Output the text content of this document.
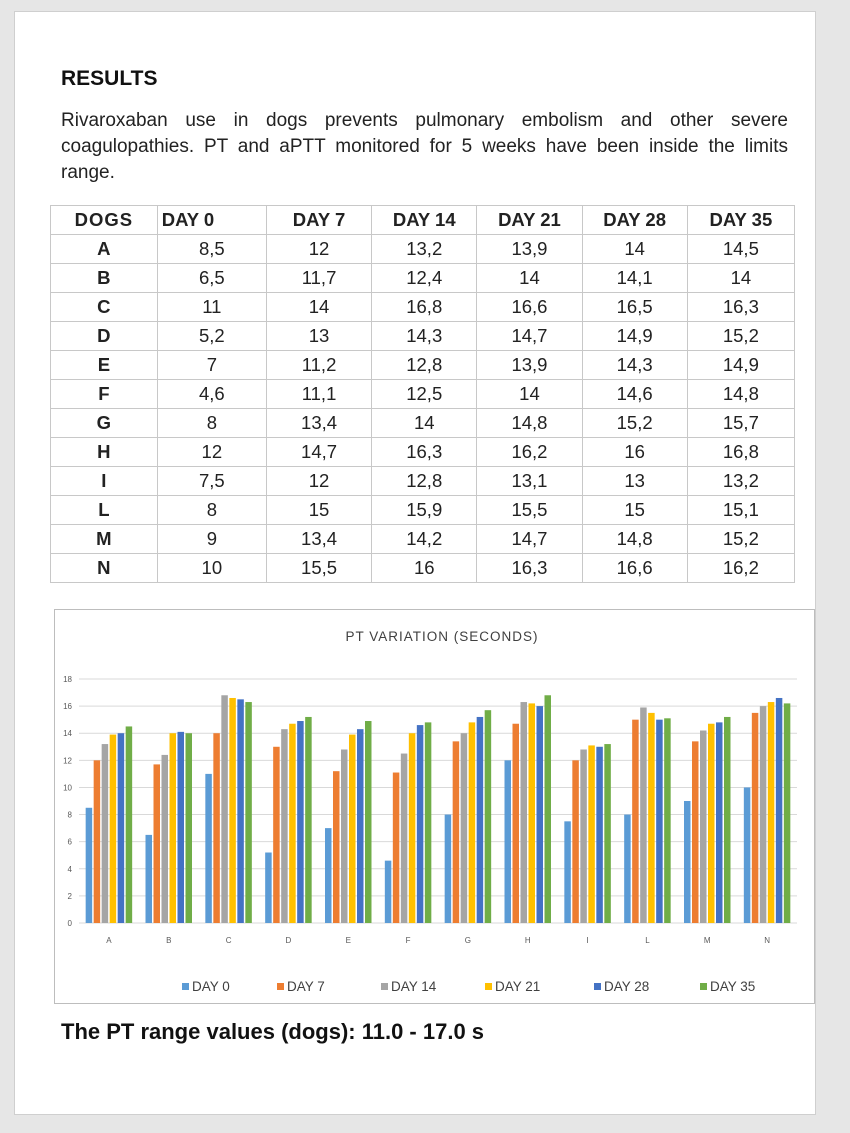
RESULTS
Rivaroxaban use in dogs prevents pulmonary embolism and other severe coagulopathies. PT and aPTT monitored for 5 weeks have been inside the limits range.
DOGS	DAY 0	DAY 7	DAY 14	DAY 21	DAY 28	DAY 35
A	8,5	12	13,2	13,9	14	14,5
B	6,5	11,7	12,4	14	14,1	14
C	11	14	16,8	16,6	16,5	16,3
D	5,2	13	14,3	14,7	14,9	15,2
E	7	11,2	12,8	13,9	14,3	14,9
F	4,6	11,1	12,5	14	14,6	14,8
G	8	13,4	14	14,8	15,2	15,7
H	12	14,7	16,3	16,2	16	16,8
I	7,5	12	12,8	13,1	13	13,2
L	8	15	15,9	15,5	15	15,1
M	9	13,4	14,2	14,7	14,8	15,2
N	10	15,5	16	16,3	16,6	16,2
PT VARIATION (SECONDS)
0
2
4
6
8
10
12
14
16
18
A	B	C	D	E	F	G	H	I	L	M	N
DAY 0	DAY 7	DAY 14	DAY 21	DAY 28	DAY 35
The PT range values (dogs): 11.0 - 17.0 s
